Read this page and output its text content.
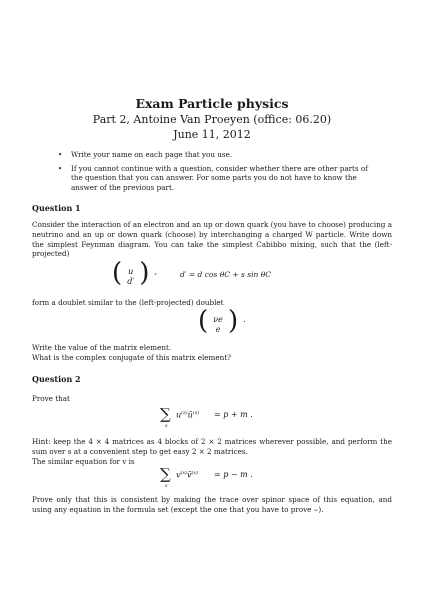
Exam Particle physics
Part 2, Antoine Van Proeyen (office: 06.20)
June 11, 2012
• Write your name on each page that you use.
• If you cannot continue with a question, consider whether there are other parts of the question that you can answer. For some parts you do not have to know the answer of the previous part.
Question 1
Consider the interaction of an electron and an up or down quark (you have to choose) producing a neutrino and an up or down quark (choose) by interchanging a charged W particle. Write down the simplest Feynman diagram. You can take the simplest Cabibbo mixing, such that the (left-projected)
( u
d′ ) ,	d′ = d cos θC + s sin θC
form a doublet similar to the (left-projected) doublet
( νe
e ) .
Write the value of the matrix element.
What is the complex conjugate of this matrix element?
Question 2
Prove that
∑
s
$u^{(s)}ū^{(s)} = p + m$ .
Hint: keep the 4 × 4 matrices as 4 blocks of 2 × 2 matrices wherever possible, and perform the sum over s at a convenient step to get easy 2 × 2 matrices.
The similar equation for v is
∑
s
$v^{(s)}v̄^{(s)} = p - m$ .
Prove only that this is consistent by making the trace over spinor space of this equation, and using any equation in the formula set (except the one that you have to prove ⌣).
